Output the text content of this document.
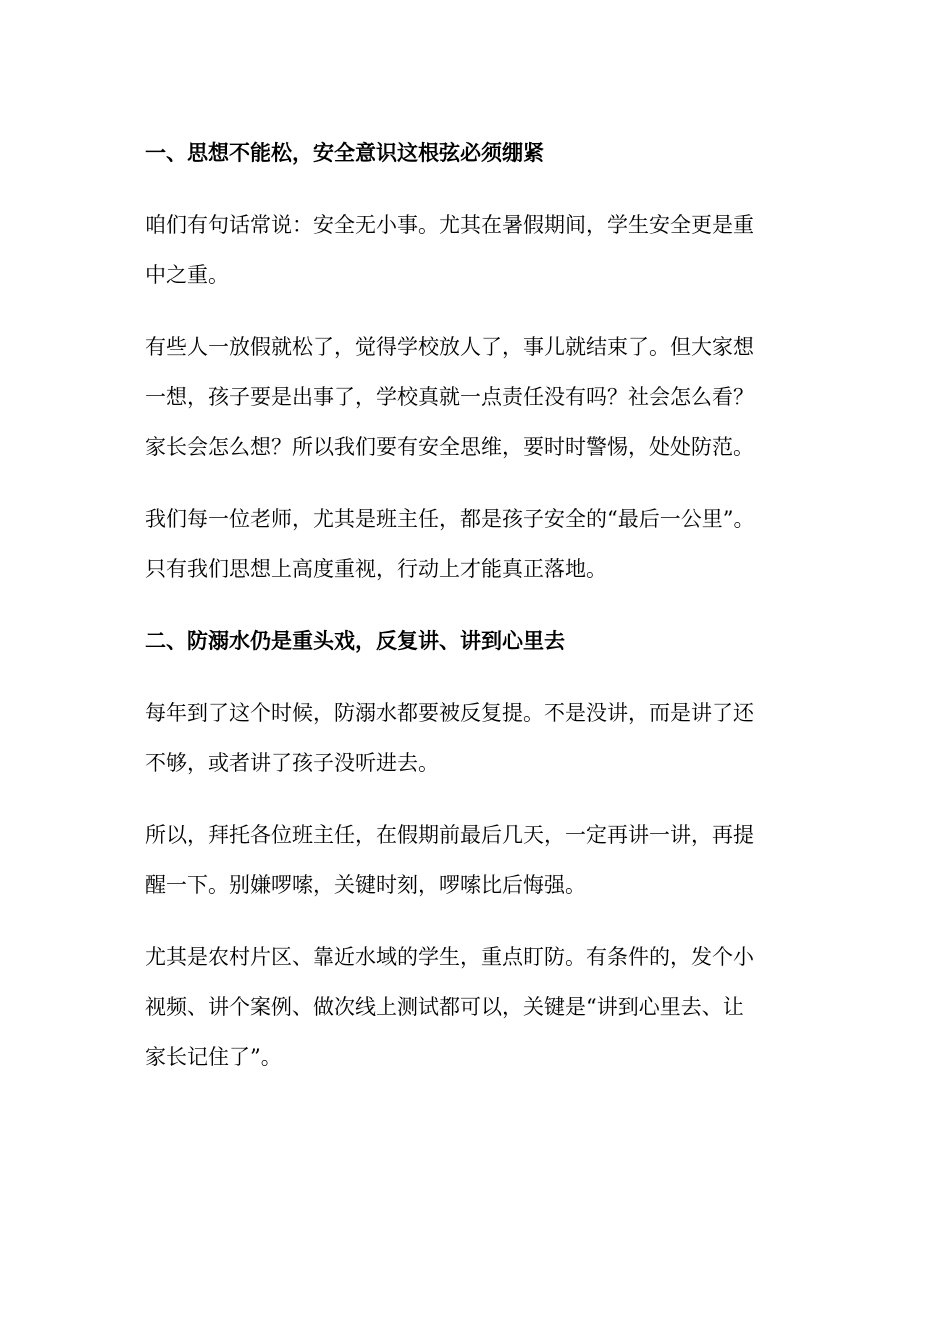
一、思想不能松，安全意识这根弦必须绷紧

咱们有句话常说：安全无小事。尤其在暑假期间，学生安全更是重
中之重。

有些人一放假就松了，觉得学校放人了，事儿就结束了。但大家想
一想，孩子要是出事了，学校真就一点责任没有吗？社会怎么看？
家长会怎么想？所以我们要有安全思维，要时时警惕，处处防范。

我们每一位老师，尤其是班主任，都是孩子安全的“最后一公里”。
只有我们思想上高度重视，行动上才能真正落地。

二、防溺水仍是重头戏，反复讲、讲到心里去

每年到了这个时候，防溺水都要被反复提。不是没讲，而是讲了还
不够，或者讲了孩子没听进去。

所以，拜托各位班主任，在假期前最后几天，一定再讲一讲，再提
醒一下。别嫌啰嗦，关键时刻，啰嗦比后悔强。

尤其是农村片区、靠近水域的学生，重点盯防。有条件的，发个小
视频、讲个案例、做次线上测试都可以，关键是“讲到心里去、让
家长记住了”。
